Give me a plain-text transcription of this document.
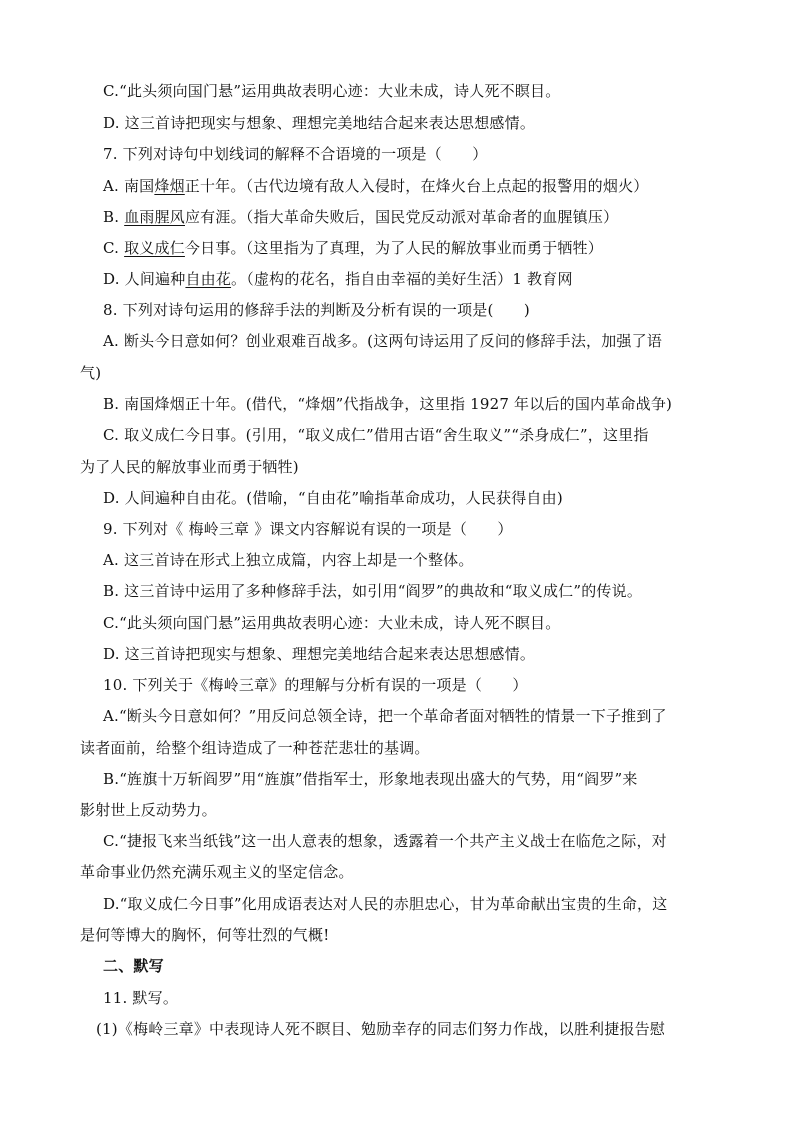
C.“此头须向国门悬”运用典故表明心迹：大业未成，诗人死不瞑目。
D. 这三首诗把现实与想象、理想完美地结合起来表达思想感情。
7. 下列对诗句中划线词的解释不合语境的一项是（　　）
A. 南国烽烟正十年。（古代边境有敌人入侵时，在烽火台上点起的报警用的烟火）
B. 血雨腥风应有涯。（指大革命失败后，国民党反动派对革命者的血腥镇压）
C. 取义成仁今日事。（这里指为了真理，为了人民的解放事业而勇于牺牲）
D. 人间遍种自由花。（虚构的花名，指自由幸福的美好生活）1 教育网
8. 下列对诗句运用的修辞手法的判断及分析有误的一项是(　　)
A. 断头今日意如何？创业艰难百战多。(这两句诗运用了反问的修辞手法，加强了语
气)
B. 南国烽烟正十年。(借代，“烽烟”代指战争，这里指 1927 年以后的国内革命战争)
C. 取义成仁今日事。(引用，“取义成仁”借用古语“舍生取义”“杀身成仁”，这里指
为了人民的解放事业而勇于牺牲)
D. 人间遍种自由花。(借喻，“自由花”喻指革命成功，人民获得自由)
9. 下列对《 梅岭三章 》课文内容解说有误的一项是（　　）
A. 这三首诗在形式上独立成篇，内容上却是一个整体。
B. 这三首诗中运用了多种修辞手法，如引用“阎罗”的典故和“取义成仁”的传说。
C.“此头须向国门悬”运用典故表明心迹：大业未成，诗人死不瞑目。
D. 这三首诗把现实与想象、理想完美地结合起来表达思想感情。
10. 下列关于《梅岭三章》的理解与分析有误的一项是（　　）
A.“断头今日意如何？”用反问总领全诗，把一个革命者面对牺牲的情景一下子推到了
读者面前，给整个组诗造成了一种苍茫悲壮的基调。
B.“旌旗十万斩阎罗”用“旌旗”借指军士，形象地表现出盛大的气势，用“阎罗”来
影射世上反动势力。
C.“捷报飞来当纸钱”这一出人意表的想象，透露着一个共产主义战士在临危之际，对
革命事业仍然充满乐观主义的坚定信念。
D.“取义成仁今日事”化用成语表达对人民的赤胆忠心，甘为革命献出宝贵的生命，这
是何等博大的胸怀，何等壮烈的气概!
二、默写
11. 默写。
(1)《梅岭三章》中表现诗人死不瞑目、勉励幸存的同志们努力作战，以胜利捷报告慰
